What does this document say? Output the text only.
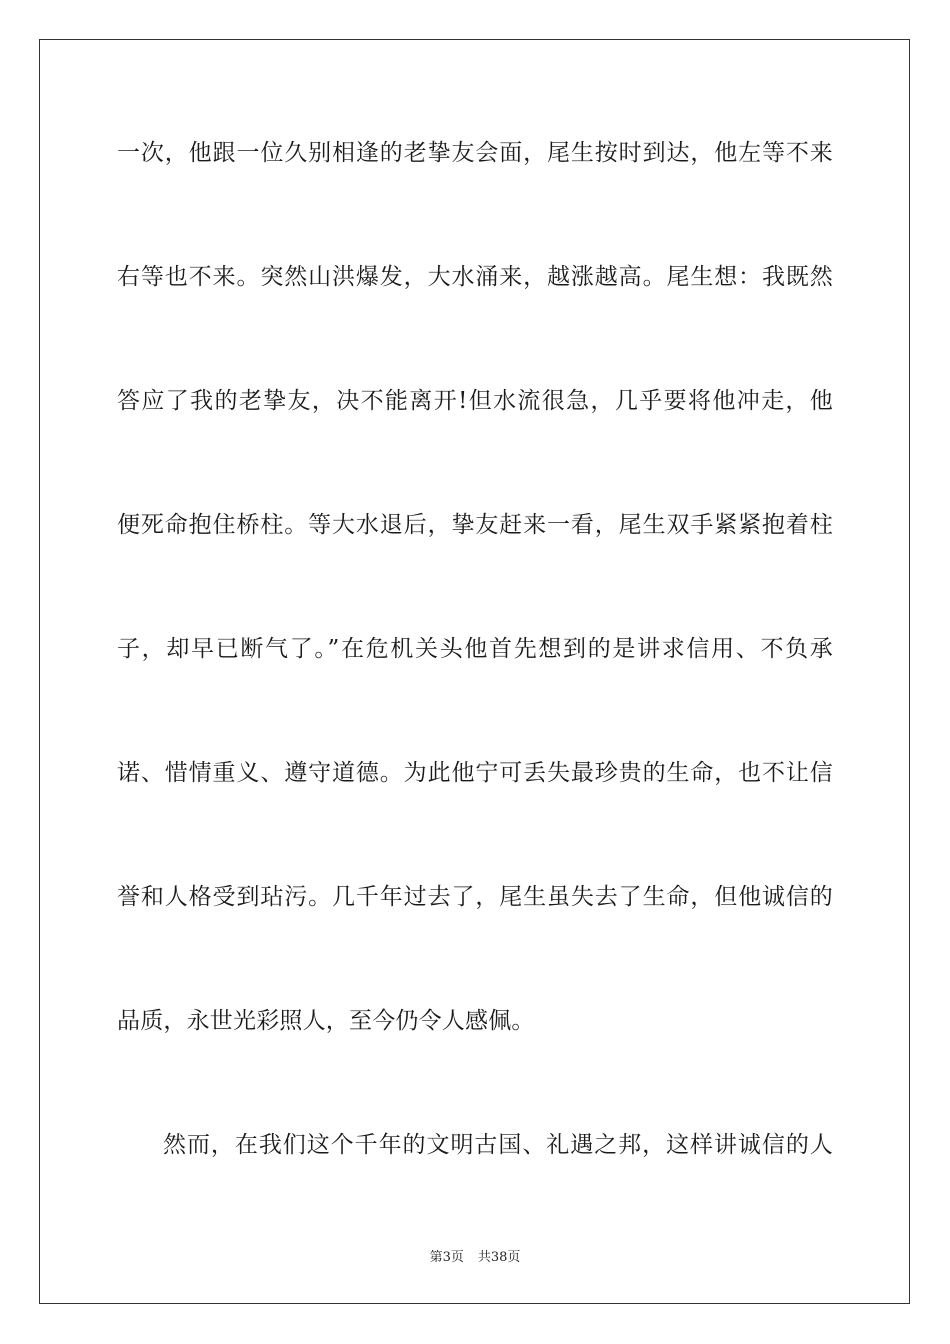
一次，他跟一位久别相逢的老挚友会面，尾生按时到达，他左等不来
右等也不来。突然山洪爆发，大水涌来，越涨越高。尾生想：我既然
答应了我的老挚友，决不能离开!但水流很急，几乎要将他冲走，他
便死命抱住桥柱。等大水退后，挚友赶来一看，尾生双手紧紧抱着柱
子，却早已断气了。”在危机关头他首先想到的是讲求信用、不负承
诺、惜情重义、遵守道德。为此他宁可丢失最珍贵的生命，也不让信
誉和人格受到玷污。几千年过去了，尾生虽失去了生命，但他诚信的
品质，永世光彩照人，至今仍令人感佩。
然而，在我们这个千年的文明古国、礼遇之邦，这样讲诚信的人
第3页 共38页
